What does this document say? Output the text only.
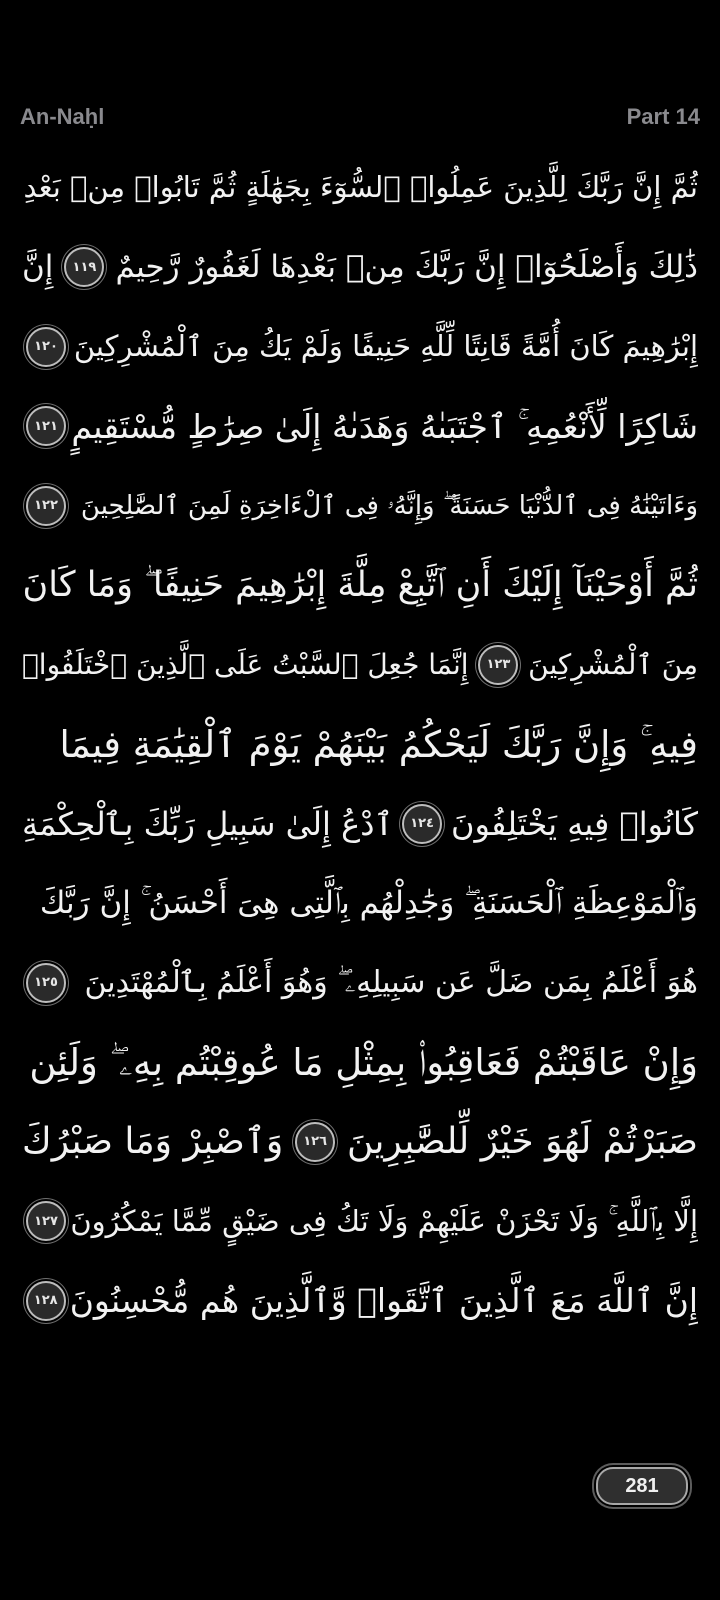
An-Naḥl	Part 14
ثُمَّ إِنَّ رَبَّكَ لِلَّذِينَ عَمِلُوا۟ ٱلسُّوٓءَ بِجَهَٰلَةٍ ثُمَّ تَابُوا۟ مِنۢ بَعْدِ
ذَٰلِكَ وَأَصْلَحُوٓا۟ إِنَّ رَبَّكَ مِنۢ بَعْدِهَا لَغَفُورٌ رَّحِيمٌ
١١٩
إِنَّ
إِبْرَٰهِيمَ كَانَ أُمَّةً قَانِتًا لِّلَّهِ حَنِيفًا وَلَمْ يَكُ مِنَ ٱلْمُشْرِكِينَ
١٢٠
شَاكِرًا لِّأَنْعُمِهِ ۚ ٱجْتَبَىٰهُ وَهَدَىٰهُ إِلَىٰ صِرَٰطٍ مُّسْتَقِيمٍ
١٢١
وَءَاتَيْنَٰهُ فِى ٱلدُّنْيَا حَسَنَةً ۖ وَإِنَّهُۥ فِى ٱلْءَاخِرَةِ لَمِنَ ٱلصَّٰلِحِينَ
١٢٢
ثُمَّ أَوْحَيْنَآ إِلَيْكَ أَنِ ٱتَّبِعْ مِلَّةَ إِبْرَٰهِيمَ حَنِيفًا ۖ وَمَا كَانَ
مِنَ ٱلْمُشْرِكِينَ
١٢٣
إِنَّمَا جُعِلَ ٱلسَّبْتُ عَلَى ٱلَّذِينَ ٱخْتَلَفُوا۟
فِيهِ ۚ وَإِنَّ رَبَّكَ لَيَحْكُمُ بَيْنَهُمْ يَوْمَ ٱلْقِيَٰمَةِ فِيمَا
كَانُوا۟ فِيهِ يَخْتَلِفُونَ
١٢٤
ٱدْعُ إِلَىٰ سَبِيلِ رَبِّكَ بِٱلْحِكْمَةِ
وَٱلْمَوْعِظَةِ ٱلْحَسَنَةِ ۖ وَجَٰدِلْهُم بِٱلَّتِى هِىَ أَحْسَنُ ۚ إِنَّ رَبَّكَ
هُوَ أَعْلَمُ بِمَن ضَلَّ عَن سَبِيلِهِۦ ۖ وَهُوَ أَعْلَمُ بِٱلْمُهْتَدِينَ
١٢٥
وَإِنْ عَاقَبْتُمْ فَعَاقِبُوا۟ بِمِثْلِ مَا عُوقِبْتُم بِهِۦ ۖ وَلَئِن
صَبَرْتُمْ لَهُوَ خَيْرٌ لِّلصَّٰبِرِينَ
١٢٦
وَٱصْبِرْ وَمَا صَبْرُكَ
إِلَّا بِٱللَّهِ ۚ وَلَا تَحْزَنْ عَلَيْهِمْ وَلَا تَكُ فِى ضَيْقٍ مِّمَّا يَمْكُرُونَ
١٢٧
إِنَّ ٱللَّهَ مَعَ ٱلَّذِينَ ٱتَّقَوا۟ وَّٱلَّذِينَ هُم مُّحْسِنُونَ
١٢٨
281
